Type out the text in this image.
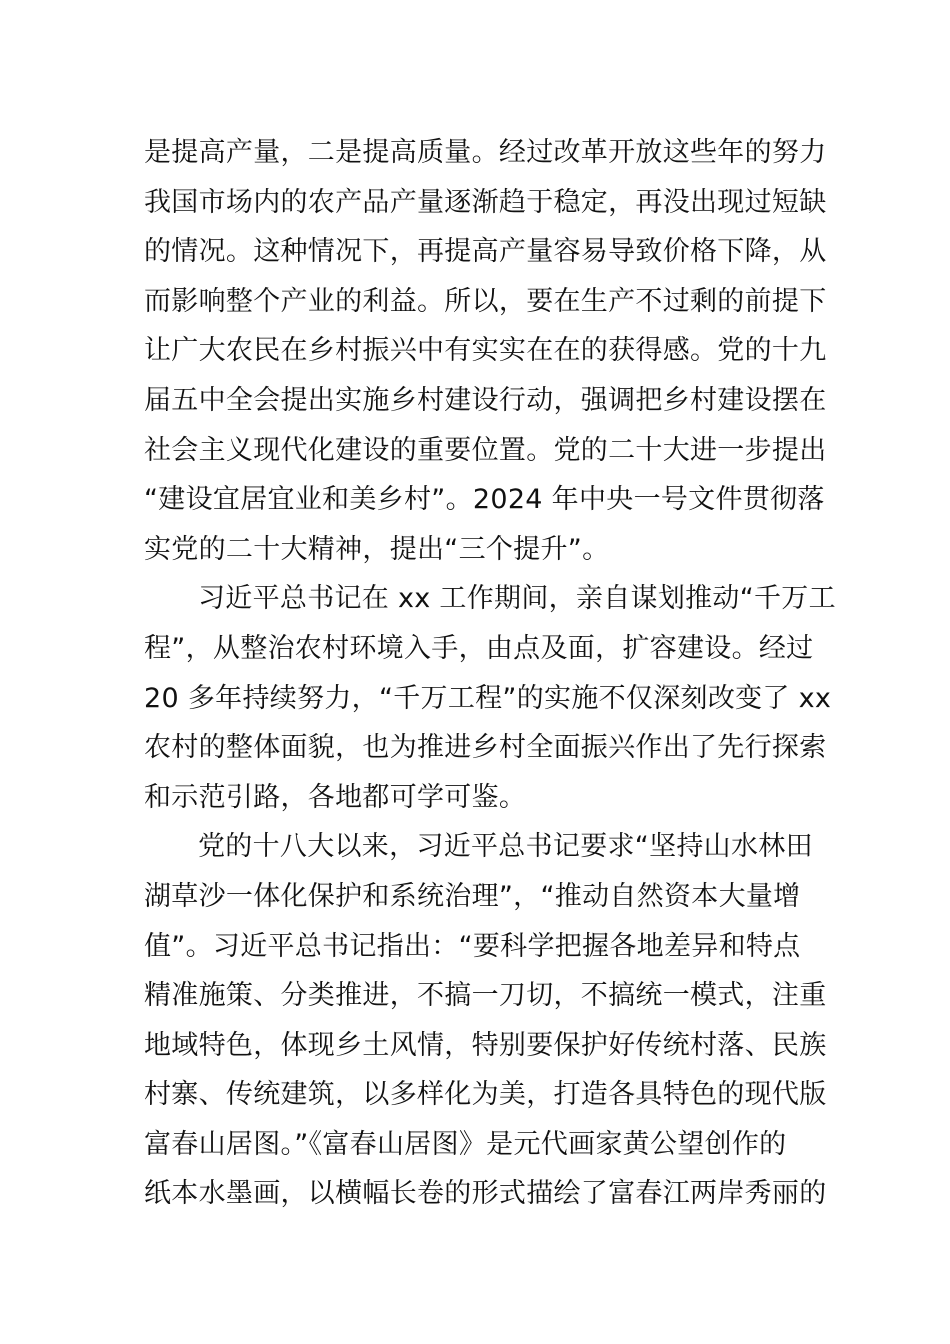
是提高产量，二是提高质量。经过改革开放这些年的努力
我国市场内的农产品产量逐渐趋于稳定，再没出现过短缺
的情况。这种情况下，再提高产量容易导致价格下降，从
而影响整个产业的利益。所以，要在生产不过剩的前提下
让广大农民在乡村振兴中有实实在在的获得感。党的十九
届五中全会提出实施乡村建设行动，强调把乡村建设摆在
社会主义现代化建设的重要位置。党的二十大进一步提出
“建设宜居宜业和美乡村”。2024 年中央一号文件贯彻落
实党的二十大精神，提出“三个提升”。
习近平总书记在 xx 工作期间，亲自谋划推动“千万工
程”，从整治农村环境入手，由点及面，扩容建设。经过
20 多年持续努力，“千万工程”的实施不仅深刻改变了 xx
农村的整体面貌，也为推进乡村全面振兴作出了先行探索
和示范引路，各地都可学可鉴。
党的十八大以来，习近平总书记要求“坚持山水林田
湖草沙一体化保护和系统治理”，“推动自然资本大量增
值”。习近平总书记指出：“要科学把握各地差异和特点
精准施策、分类推进，不搞一刀切，不搞统一模式，注重
地域特色，体现乡土风情，特别要保护好传统村落、民族
村寨、传统建筑，以多样化为美，打造各具特色的现代版
富春山居图。”《富春山居图》是元代画家黄公望创作的
纸本水墨画，以横幅长卷的形式描绘了富春江两岸秀丽的
